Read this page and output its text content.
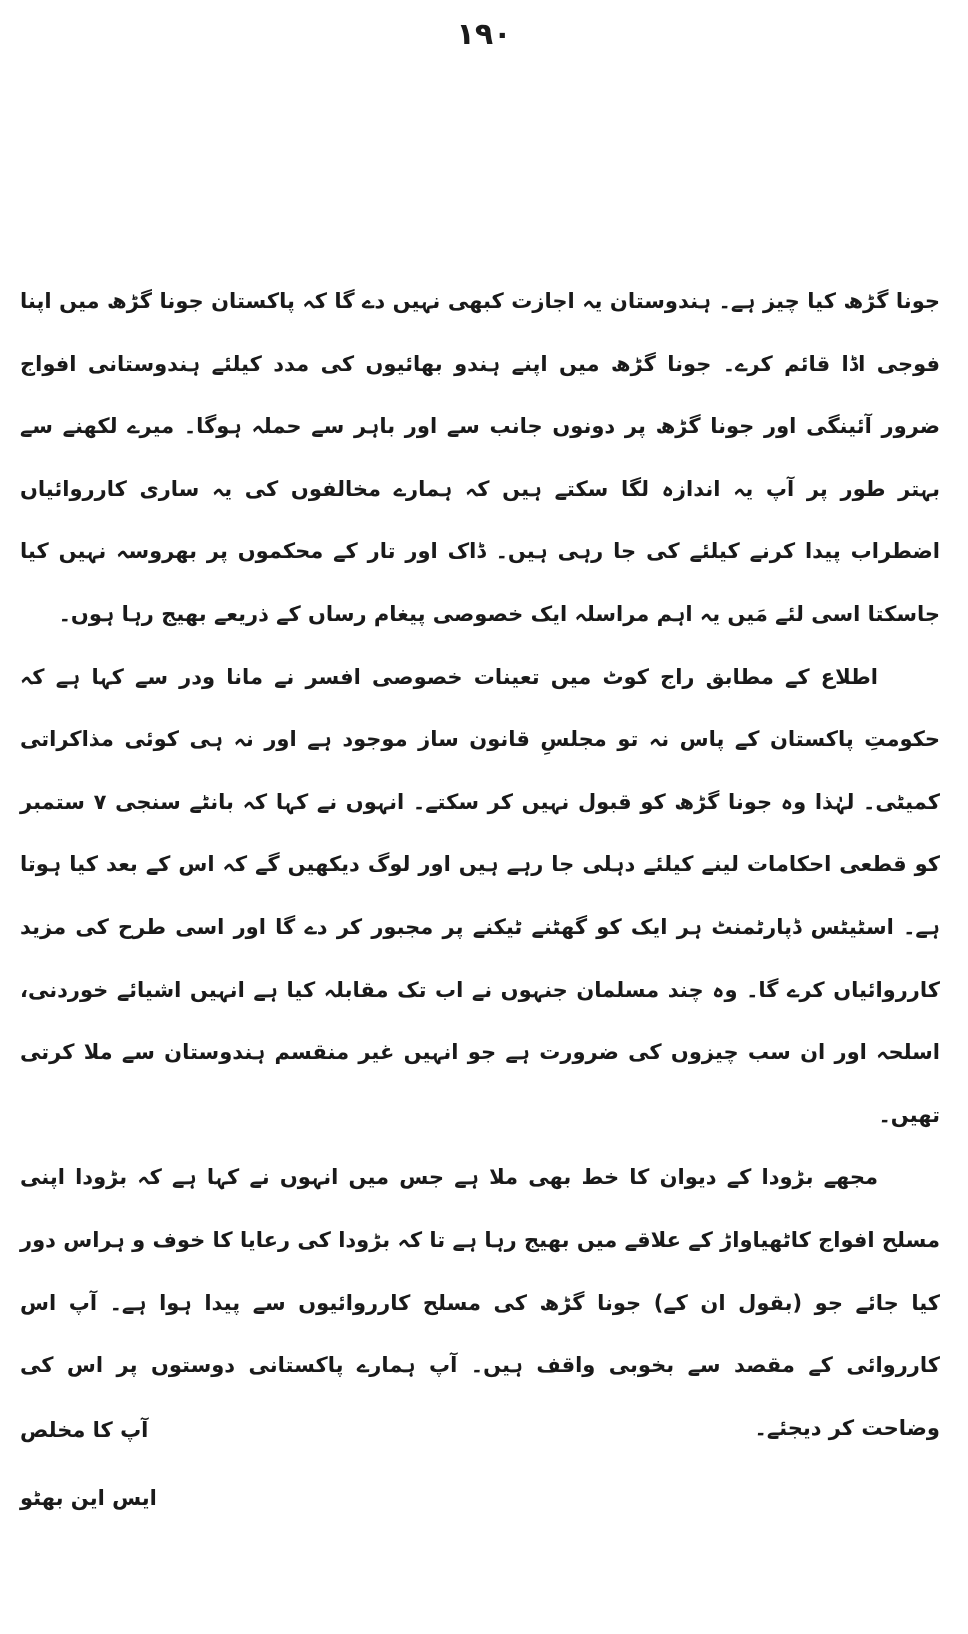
۱۹۰

جونا گڑھ کیا چیز ہے۔ ہندوستان یہ اجازت کبھی نہیں دے گا کہ پاکستان جونا گڑھ میں اپنا فوجی اڈا قائم کرے۔ جونا گڑھ میں اپنے ہندو بھائیوں کی مدد کیلئے ہندوستانی افواج ضرور آئینگی اور جونا گڑھ پر دونوں جانب سے اور باہر سے حملہ ہوگا۔ میرے لکھنے سے بہتر طور پر آپ یہ اندازہ لگا سکتے ہیں کہ ہمارے مخالفوں کی یہ ساری کارروائیاں اضطراب پیدا کرنے کیلئے کی جا رہی ہیں۔ ڈاک اور تار کے محکموں پر بھروسہ نہیں کیا جاسکتا اسی لئے مَیں یہ اہم مراسلہ ایک خصوصی پیغام رساں کے ذریعے بھیج رہا ہوں۔

اطلاع کے مطابق راج کوٹ میں تعینات خصوصی افسر نے مانا ودر سے کہا ہے کہ حکومتِ پاکستان کے پاس نہ تو مجلسِ قانون ساز موجود ہے اور نہ ہی کوئی مذاکراتی کمیٹی۔ لہٰذا وہ جونا گڑھ کو قبول نہیں کر سکتے۔ انہوں نے کہا کہ بانٹے سنجی ۷ ستمبر کو قطعی احکامات لینے کیلئے دہلی جا رہے ہیں اور لوگ دیکھیں گے کہ اس کے بعد کیا ہوتا ہے۔ اسٹیٹس ڈپارٹمنٹ ہر ایک کو گھٹنے ٹیکنے پر مجبور کر دے گا اور اسی طرح کی مزید کارروائیاں کرے گا۔ وہ چند مسلمان جنہوں نے اب تک مقابلہ کیا ہے انہیں اشیائے خوردنی، اسلحہ اور ان سب چیزوں کی ضرورت ہے جو انہیں غیر منقسم ہندوستان سے ملا کرتی تھیں۔

مجھے بڑودا کے دیوان کا خط بھی ملا ہے جس میں انہوں نے کہا ہے کہ بڑودا اپنی مسلح افواج کاٹھیاواڑ کے علاقے میں بھیج رہا ہے تا کہ بڑودا کی رعایا کا خوف و ہراس دور کیا جائے جو (بقول ان کے) جونا گڑھ کی مسلح کارروائیوں سے پیدا ہوا ہے۔ آپ اس کارروائی کے مقصد سے بخوبی واقف ہیں۔ آپ ہمارے پاکستانی دوستوں پر اس کی وضاحت کر دیجئے۔

آپ کا مخلص
ایس این بھٹو
